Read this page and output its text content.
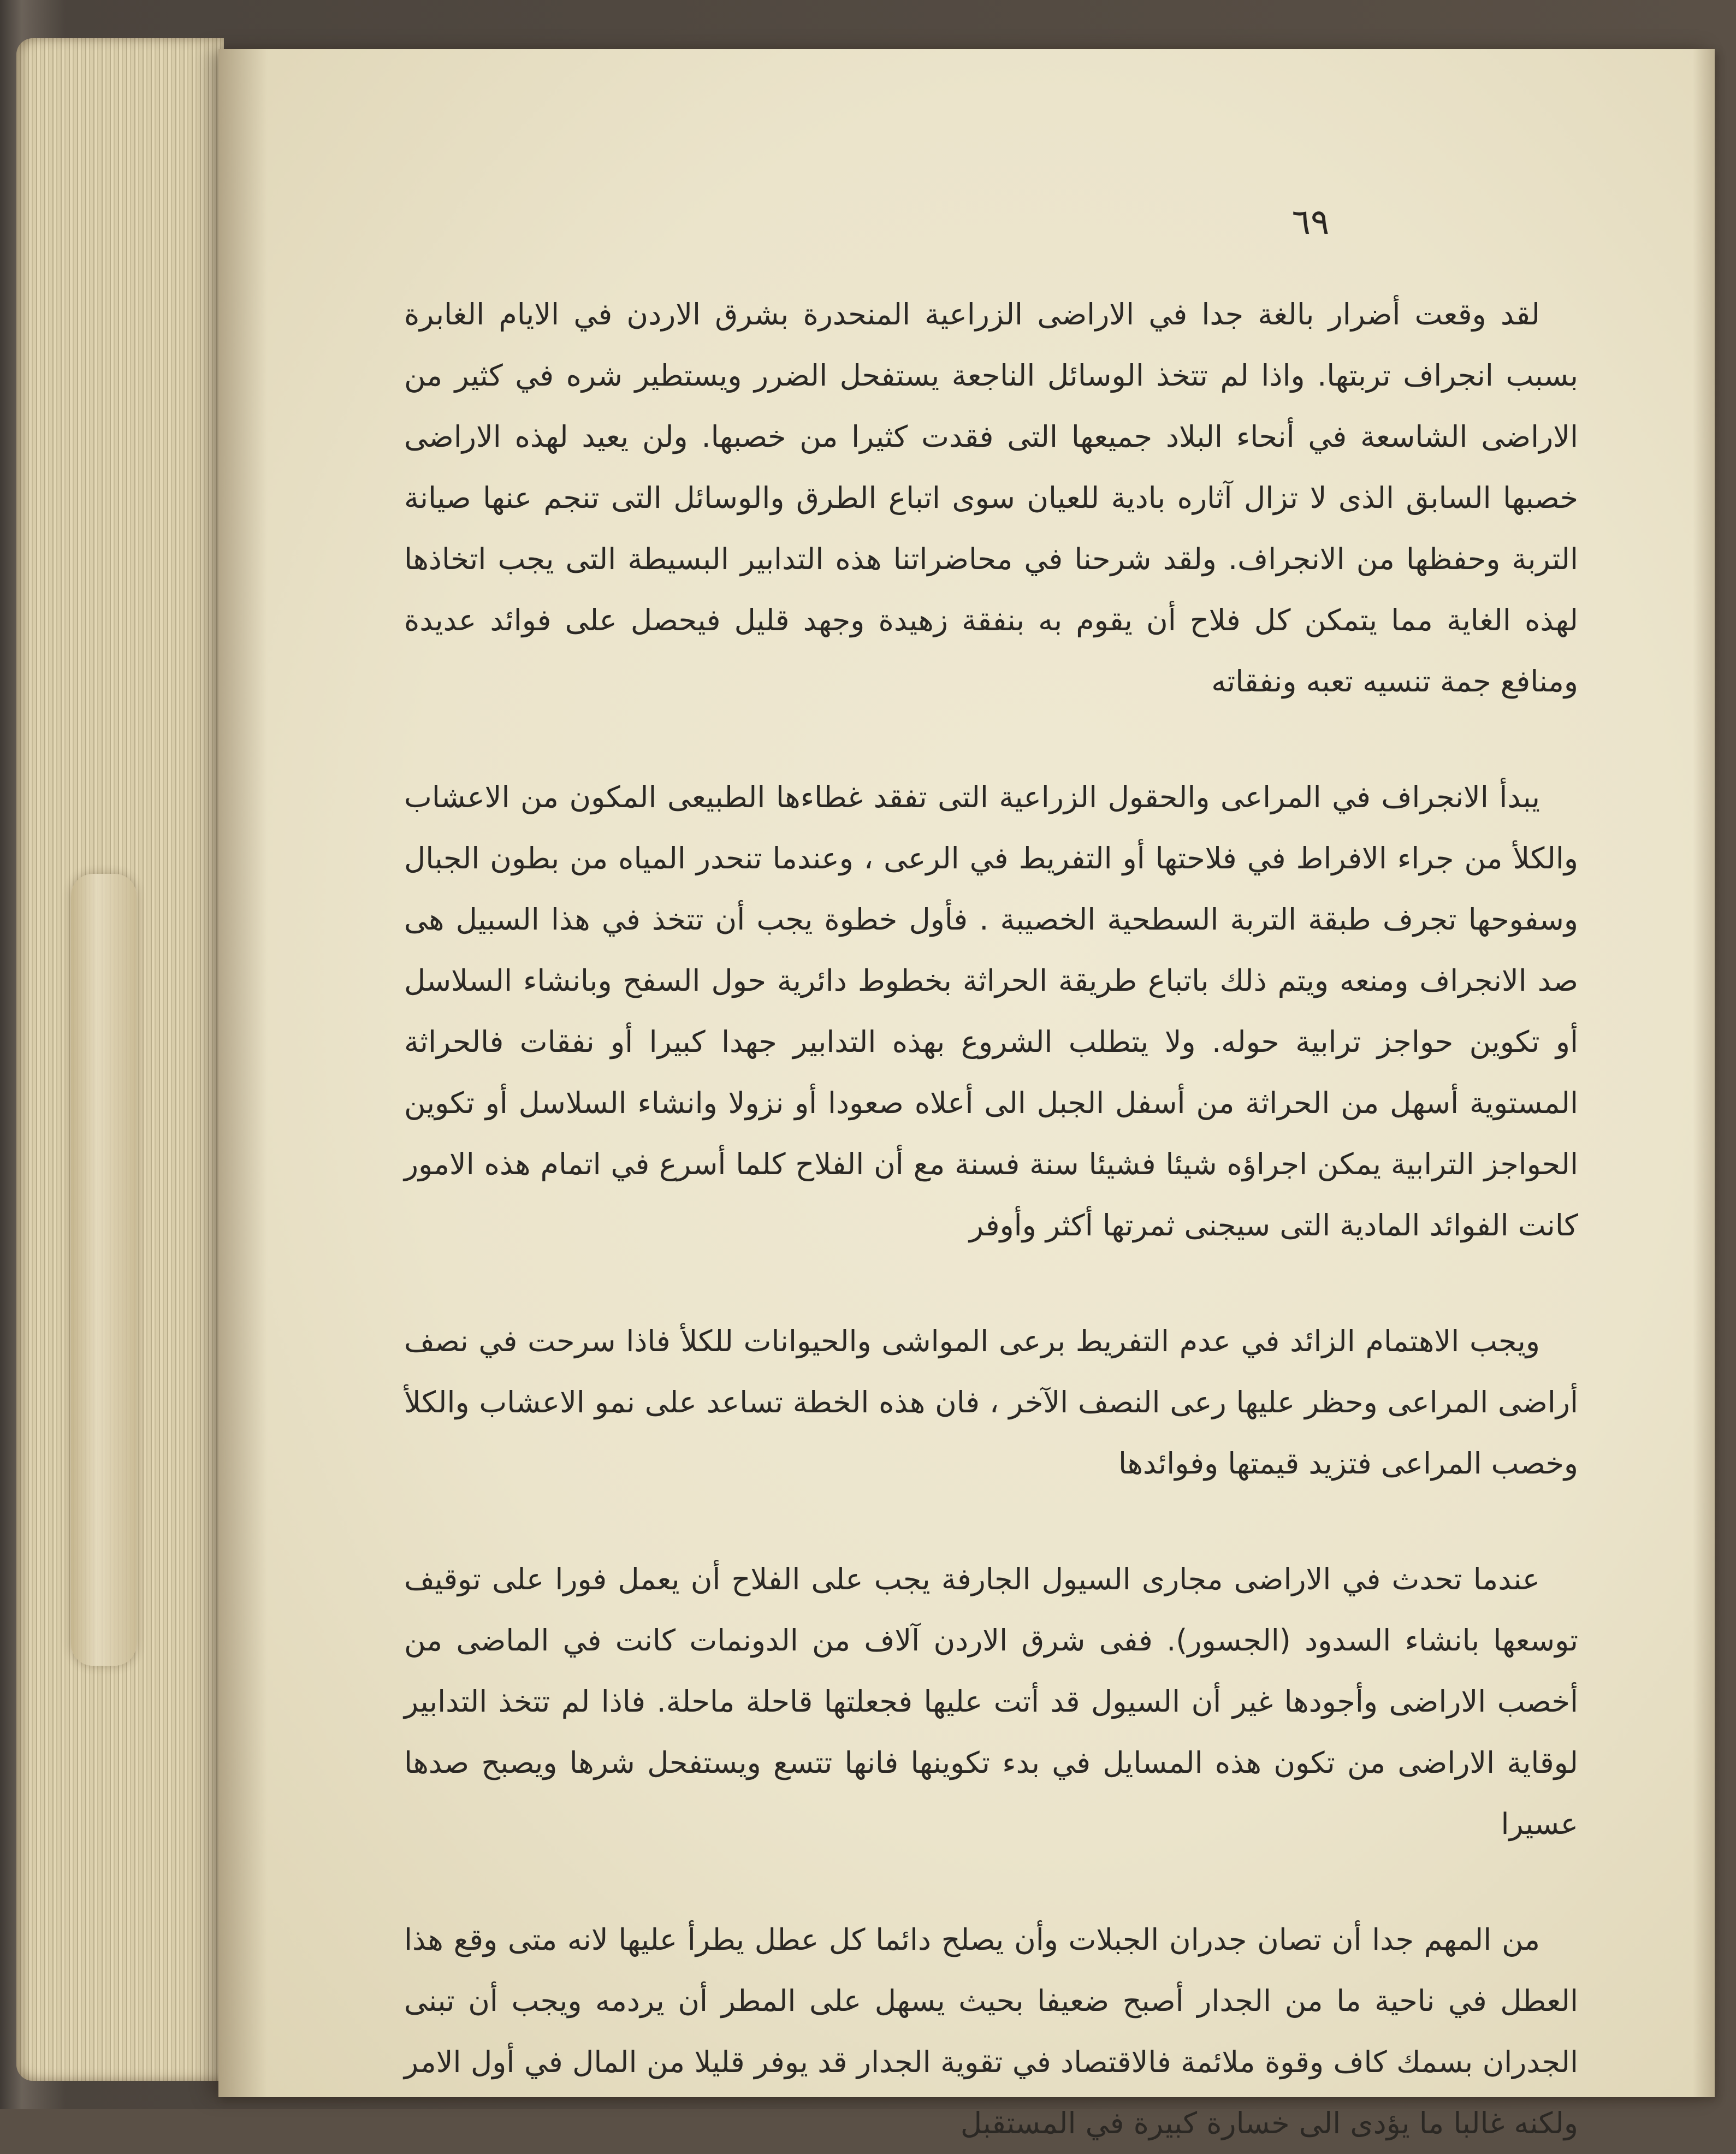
٦٩

لقد وقعت أضرار بالغة جدا في الاراضى الزراعية المنحدرة بشرق الاردن في الايام الغابرة بسبب انجراف تربتها. واذا لم تتخذ الوسائل الناجعة يستفحل الضرر ويستطير شره في كثير من الاراضى الشاسعة في أنحاء البلاد جميعها التى فقدت كثيرا من خصبها. ولن يعيد لهذه الاراضى خصبها السابق الذى لا تزال آثاره بادية للعيان سوى اتباع الطرق والوسائل التى تنجم عنها صيانة التربة وحفظها من الانجراف. ولقد شرحنا في محاضراتنا هذه التدابير البسيطة التى يجب اتخاذها لهذه الغاية مما يتمكن كل فلاح أن يقوم به بنفقة زهيدة وجهد قليل فيحصل على فوائد عديدة ومنافع جمة تنسيه تعبه ونفقاته

يبدأ الانجراف في المراعى والحقول الزراعية التى تفقد غطاءها الطبيعى المكون من الاعشاب والكلأ من جراء الافراط في فلاحتها أو التفريط في الرعى ، وعندما تنحدر المياه من بطون الجبال وسفوحها تجرف طبقة التربة السطحية الخصيبة . فأول خطوة يجب أن تتخذ في هذا السبيل هى صد الانجراف ومنعه ويتم ذلك باتباع طريقة الحراثة بخطوط دائرية حول السفح وبانشاء السلاسل أو تكوين حواجز ترابية حوله. ولا يتطلب الشروع بهذه التدابير جهدا كبيرا أو نفقات فالحراثة المستوية أسهل من الحراثة من أسفل الجبل الى أعلاه صعودا أو نزولا وانشاء السلاسل أو تكوين الحواجز الترابية يمكن اجراؤه شيئا فشيئا سنة فسنة مع أن الفلاح كلما أسرع في اتمام هذه الامور كانت الفوائد المادية التى سيجنى ثمرتها أكثر وأوفر

ويجب الاهتمام الزائد في عدم التفريط برعى المواشى والحيوانات للكلأ فاذا سرحت في نصف أراضى المراعى وحظر عليها رعى النصف الآخر ، فان هذه الخطة تساعد على نمو الاعشاب والكلأ وخصب المراعى فتزيد قيمتها وفوائدها

عندما تحدث في الاراضى مجارى السيول الجارفة يجب على الفلاح أن يعمل فورا على توقيف توسعها بانشاء السدود (الجسور). ففى شرق الاردن آلاف من الدونمات كانت في الماضى من أخصب الاراضى وأجودها غير أن السيول قد أتت عليها فجعلتها قاحلة ماحلة. فاذا لم تتخذ التدابير لوقاية الاراضى من تكون هذه المسايل في بدء تكوينها فانها تتسع ويستفحل شرها ويصبح صدها عسيرا

من المهم جدا أن تصان جدران الجبلات وأن يصلح دائما كل عطل يطرأ عليها لانه متى وقع هذا العطل في ناحية ما من الجدار أصبح ضعيفا بحيث يسهل على المطر أن يردمه ويجب أن تبنى الجدران بسمك كاف وقوة ملائمة فالاقتصاد في تقوية الجدار قد يوفر قليلا من المال في أول الامر ولكنه غالبا ما يؤدى الى خسارة كبيرة في المستقبل
